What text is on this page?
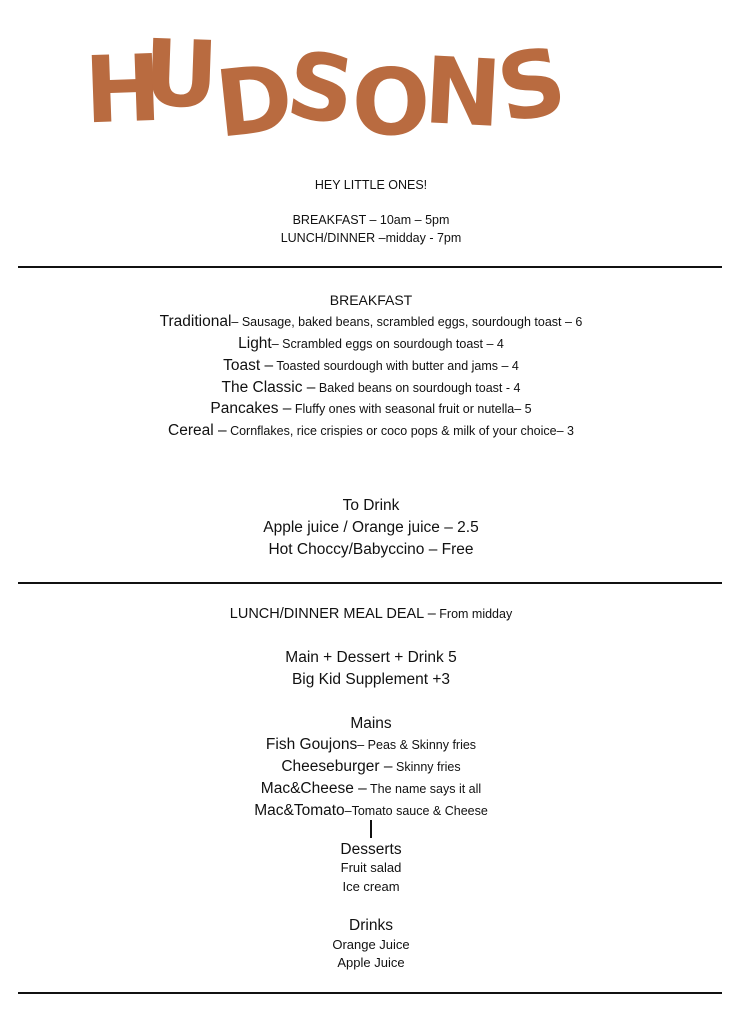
H
U
D
S
O
N
S
HEY LITTLE ONES!
BREAKFAST – 10am – 5pm
LUNCH/DINNER –midday - 7pm
BREAKFAST
Traditional– Sausage, baked beans, scrambled eggs, sourdough toast – 6
Light– Scrambled eggs on sourdough toast – 4
Toast – Toasted sourdough with butter and jams – 4
The Classic – Baked beans on sourdough toast - 4
Pancakes – Fluffy ones with seasonal fruit or nutella– 5
Cereal – Cornflakes, rice crispies or coco pops & milk of your choice– 3
To Drink
Apple juice / Orange juice – 2.5
Hot Choccy/Babyccino – Free
LUNCH/DINNER MEAL DEAL – From midday
Main + Dessert + Drink 5
Big Kid Supplement +3
Mains
Fish Goujons– Peas & Skinny fries
Cheeseburger – Skinny fries
Mac&Cheese – The name says it all
Mac&Tomato–Tomato sauce & Cheese
Desserts
Fruit salad
Ice cream
Drinks
Orange Juice
Apple Juice
